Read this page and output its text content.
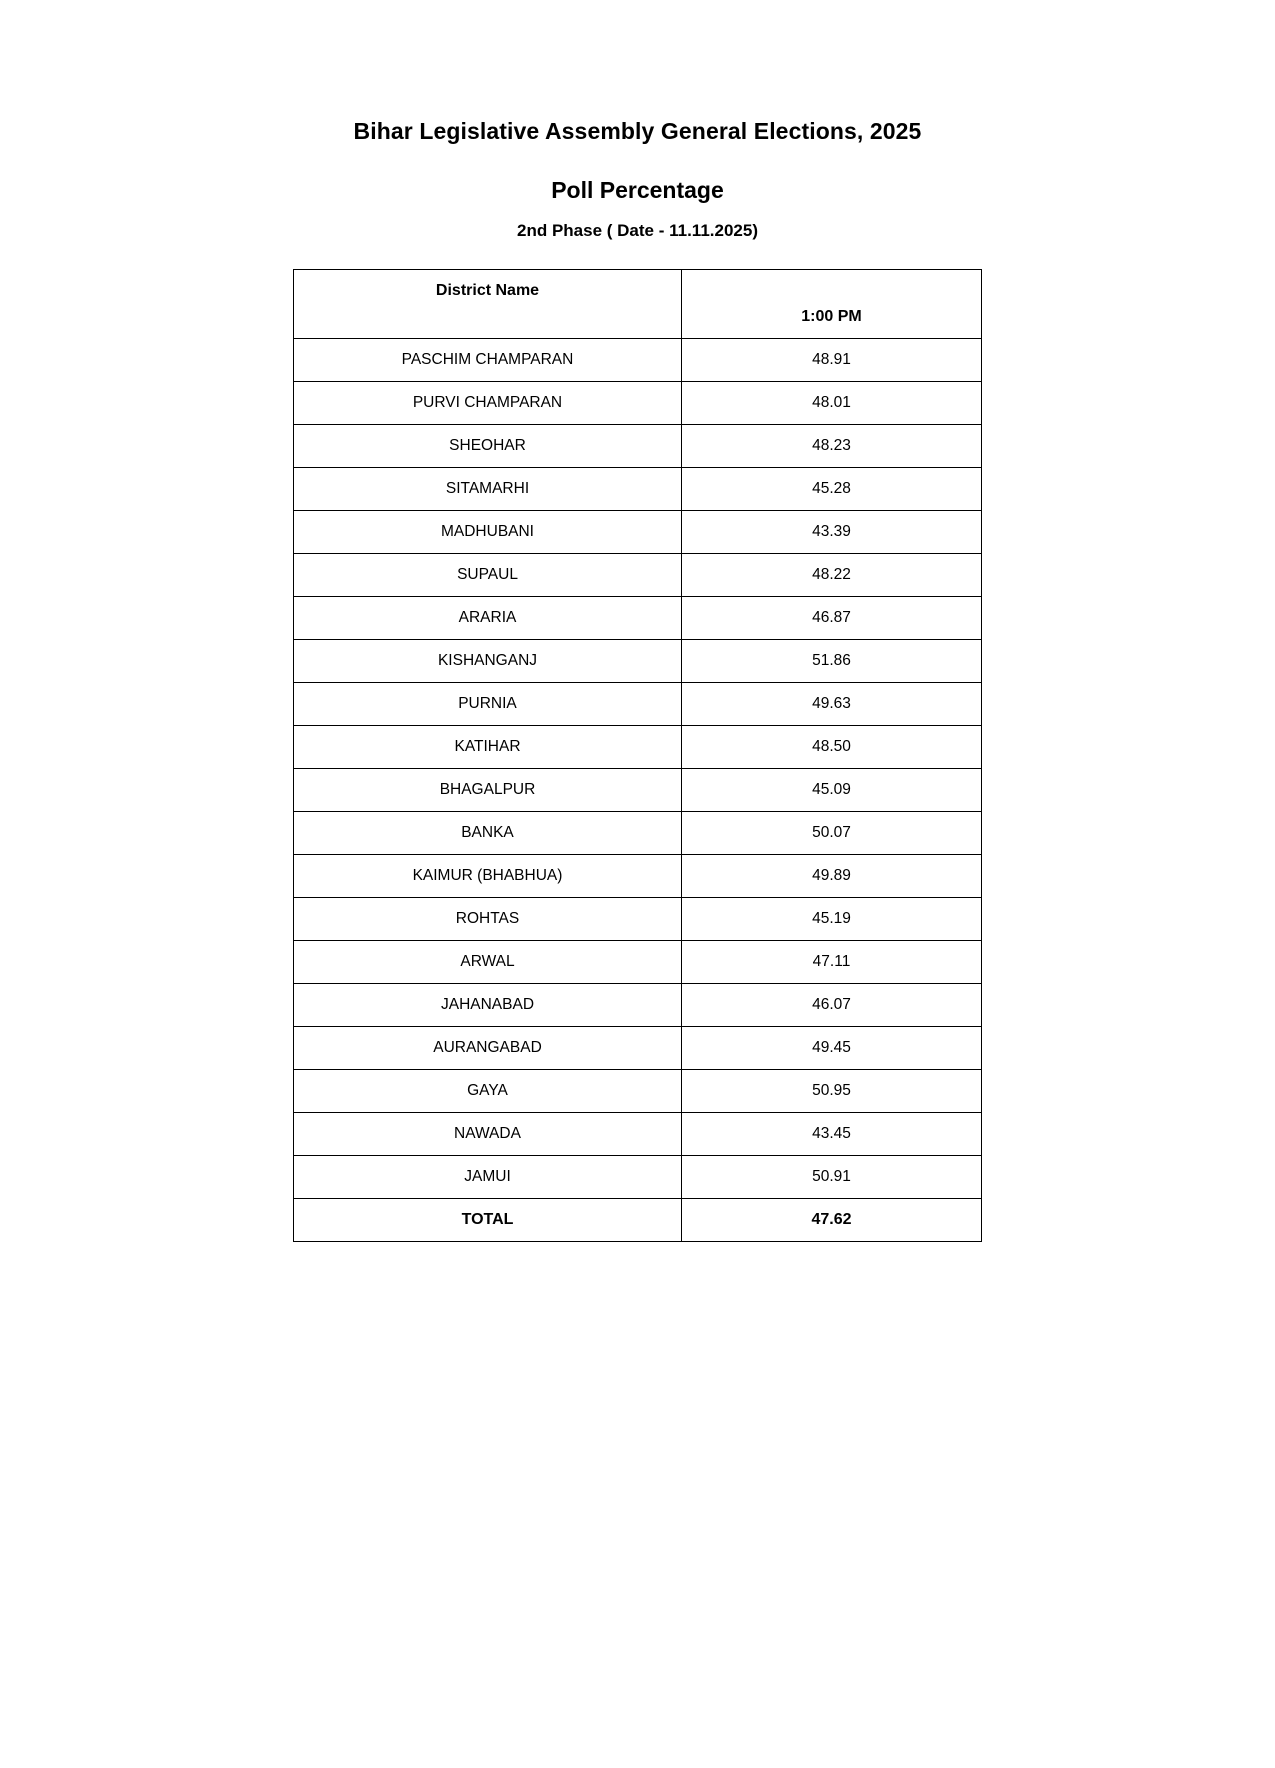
Bihar Legislative Assembly General Elections, 2025
Poll Percentage
2nd Phase ( Date - 11.11.2025)
District Name	1:00 PM
PASCHIM CHAMPARAN	48.91
PURVI CHAMPARAN	48.01
SHEOHAR	48.23
SITAMARHI	45.28
MADHUBANI	43.39
SUPAUL	48.22
ARARIA	46.87
KISHANGANJ	51.86
PURNIA	49.63
KATIHAR	48.50
BHAGALPUR	45.09
BANKA	50.07
KAIMUR (BHABHUA)	49.89
ROHTAS	45.19
ARWAL	47.11
JAHANABAD	46.07
AURANGABAD	49.45
GAYA	50.95
NAWADA	43.45
JAMUI	50.91
TOTAL	47.62
